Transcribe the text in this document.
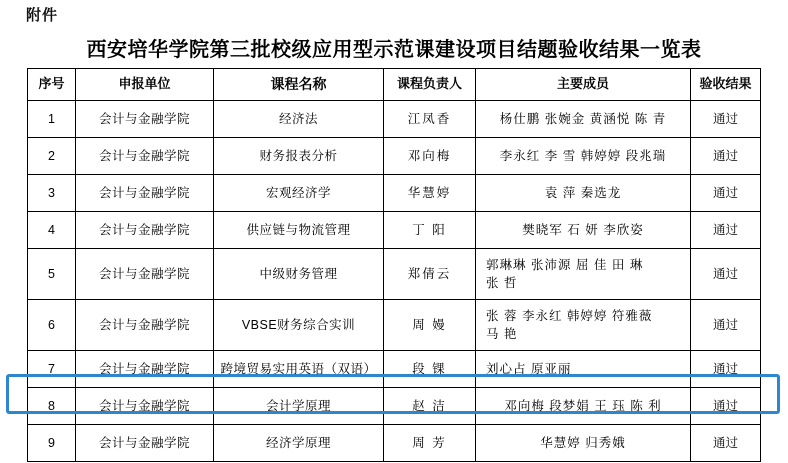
附件
西安培华学院第三批校级应用型示范课建设项目结题验收结果一览表
序号	申报单位	课程名称	课程负责人	主要成员	验收结果
1	会计与金融学院	经济法	江凤香	杨仕鹏 张婉金 黄涵悦 陈 青	通过
2	会计与金融学院	财务报表分析	邓向梅	李永红 李 雪 韩婷婷 段兆瑞	通过
3	会计与金融学院	宏观经济学	华慧婷	袁 萍 秦选龙	通过
4	会计与金融学院	供应链与物流管理	丁 阳	樊晓军 石 妍 李欣姿	通过
5	会计与金融学院	中级财务管理	郑倩云	郭琳琳 张沛源 屈 佳 田 琳
张 哲	通过
6	会计与金融学院	VBSE财务综合实训	周 嫚	张 蓉 李永红 韩婷婷 符雅薇
马 艳	通过
7	会计与金融学院	跨境贸易实用英语（双语）	段 锞	刘心占 原亚丽	通过
8	会计与金融学院	会计学原理	赵 洁	邓向梅 段梦娟 王 珏 陈 利	通过
9	会计与金融学院	经济学原理	周 芳	华慧婷 归秀娥	通过
